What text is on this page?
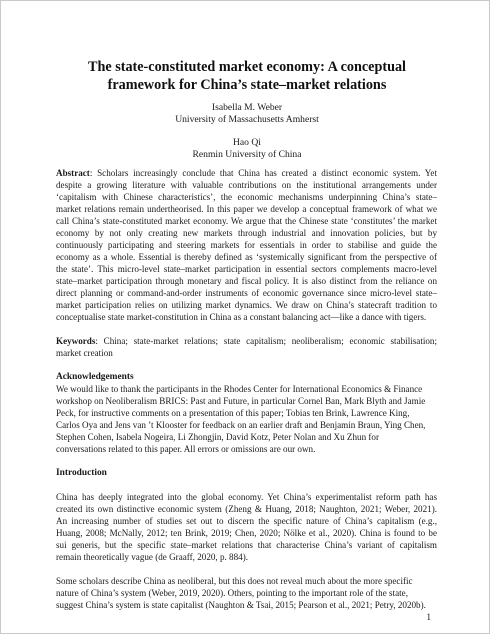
The state-constituted market economy: A conceptual
framework for China’s state–market relations
Isabella M. Weber
University of Massachusetts Amherst
Hao Qi
Renmin University of China
Abstract: Scholars increasingly conclude that China has created a distinct economic system. Yet
despite a growing literature with valuable contributions on the institutional arrangements under
‘capitalism with Chinese characteristics’, the economic mechanisms underpinning China’s state–
market relations remain undertheorised. In this paper we develop a conceptual framework of what we
call China’s state-constituted market economy. We argue that the Chinese state ‘constitutes’ the market
economy by not only creating new markets through industrial and innovation policies, but by
continuously participating and steering markets for essentials in order to stabilise and guide the
economy as a whole. Essential is thereby defined as ‘systemically significant from the perspective of
the state’. This micro-level state–market participation in essential sectors complements macro-level
state–market participation through monetary and fiscal policy. It is also distinct from the reliance on
direct planning or command-and-order instruments of economic governance since micro-level state–
market participation relies on utilizing market dynamics. We draw on China’s statecraft tradition to
conceptualise state market-constitution in China as a constant balancing act—like a dance with tigers.
Keywords: China; state-market relations; state capitalism; neoliberalism; economic stabilisation;
market creation
Acknowledgements
We would like to thank the participants in the Rhodes Center for International Economics & Finance
workshop on Neoliberalism BRICS: Past and Future, in particular Cornel Ban, Mark Blyth and Jamie
Peck, for instructive comments on a presentation of this paper; Tobias ten Brink, Lawrence King,
Carlos Oya and Jens van ’t Klooster for feedback on an earlier draft and Benjamin Braun, Ying Chen,
Stephen Cohen, Isabela Nogeira, Li Zhongjin, David Kotz, Peter Nolan and Xu Zhun for
conversations related to this paper. All errors or omissions are our own.
Introduction
China has deeply integrated into the global economy. Yet China’s experimentalist reform path has
created its own distinctive economic system (Zheng & Huang, 2018; Naughton, 2021; Weber, 2021).
An increasing number of studies set out to discern the specific nature of China’s capitalism (e.g.,
Huang, 2008; McNally, 2012; ten Brink, 2019; Chen, 2020; Nölke et al., 2020). China is found to be
sui generis, but the specific state–market relations that characterise China’s variant of capitalism
remain theoretically vague (de Graaff, 2020, p. 884).
Some scholars describe China as neoliberal, but this does not reveal much about the more specific
nature of China’s system (Weber, 2019, 2020). Others, pointing to the important role of the state,
suggest China’s system is state capitalist (Naughton & Tsai, 2015; Pearson et al., 2021; Petry, 2020b).
1
